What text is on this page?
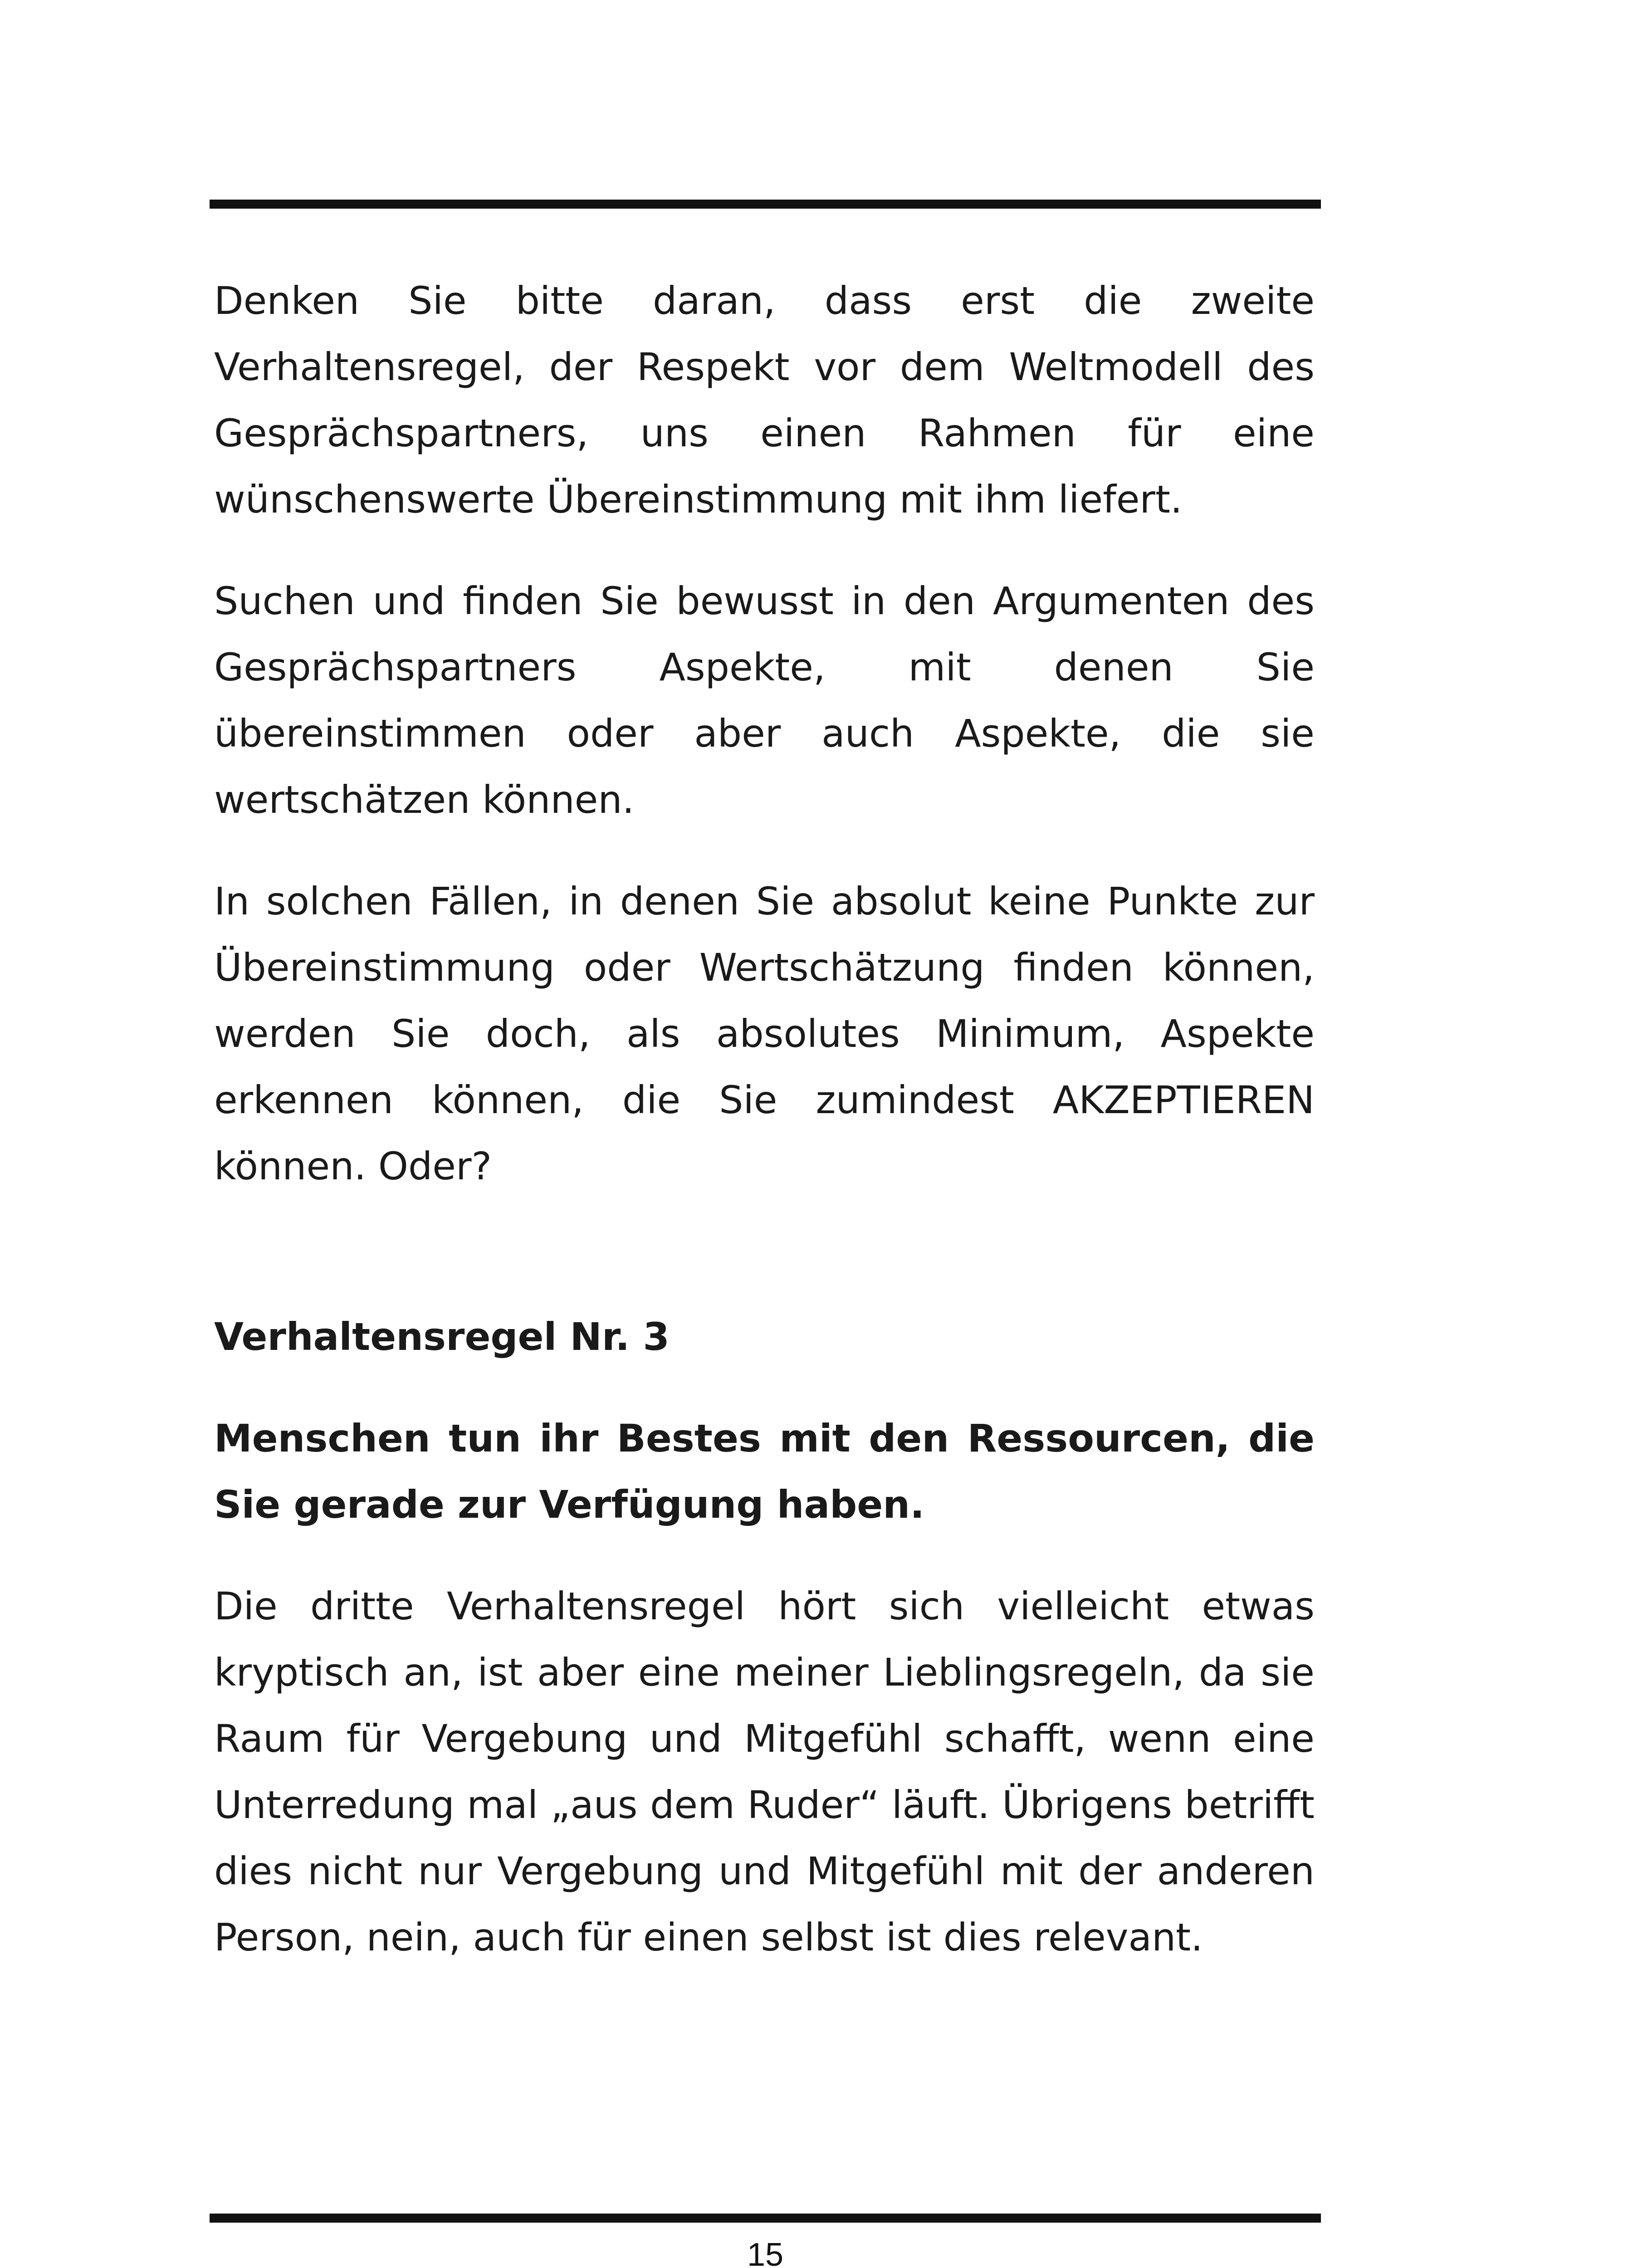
Denken Sie bitte daran, dass erst die zweite Verhaltensregel, der Respekt vor dem Weltmodell des Gesprächspartners, uns einen Rahmen für eine wünschenswerte Übereinstimmung mit ihm liefert.

Suchen und finden Sie bewusst in den Argumenten des Gesprächspartners Aspekte, mit denen Sie übereinstimmen oder aber auch Aspekte, die sie wertschätzen können.

In solchen Fällen, in denen Sie absolut keine Punkte zur Übereinstimmung oder Wertschätzung finden können, werden Sie doch, als absolutes Minimum, Aspekte erkennen können, die Sie zumindest AKZEPTIEREN können. Oder?

Verhaltensregel Nr. 3

Menschen tun ihr Bestes mit den Ressourcen, die Sie gerade zur Verfügung haben.

Die dritte Verhaltensregel hört sich vielleicht etwas kryptisch an, ist aber eine meiner Lieblingsregeln, da sie Raum für Vergebung und Mitgefühl schafft, wenn eine Unterredung mal „aus dem Ruder“ läuft. Übrigens betrifft dies nicht nur Vergebung und Mitgefühl mit der anderen Person, nein, auch für einen selbst ist dies relevant.

15
